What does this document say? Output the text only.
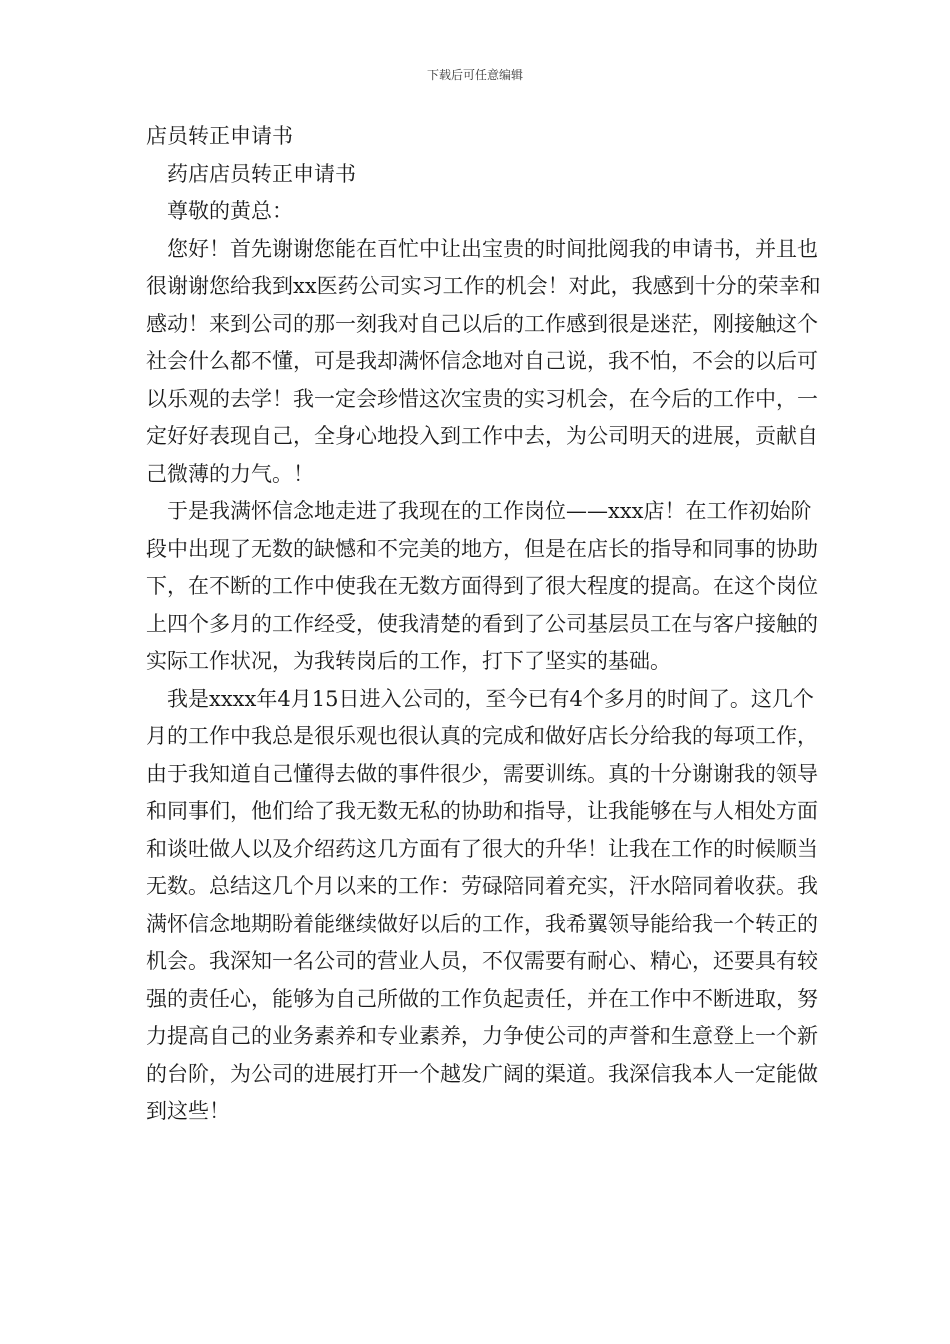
下载后可任意编辑

店员转正申请书

药店店员转正申请书

尊敬的黄总：

您好！首先谢谢您能在百忙中让出宝贵的时间批阅我的申请书，并且也很谢谢您给我到xx医药公司实习工作的机会！对此，我感到十分的荣幸和感动！来到公司的那一刻我对自己以后的工作感到很是迷茫，刚接触这个社会什么都不懂，可是我却满怀信念地对自己说，我不怕，不会的以后可以乐观的去学！我一定会珍惜这次宝贵的实习机会，在今后的工作中，一定好好表现自己，全身心地投入到工作中去，为公司明天的进展，贡献自己微薄的力气。！

于是我满怀信念地走进了我现在的工作岗位——xxx店！在工作初始阶段中出现了无数的缺憾和不完美的地方，但是在店长的指导和同事的协助下，在不断的工作中使我在无数方面得到了很大程度的提高。在这个岗位上四个多月的工作经受，使我清楚的看到了公司基层员工在与客户接触的实际工作状况，为我转岗后的工作，打下了坚实的基础。

我是xxxx年4月15日进入公司的，至今已有4个多月的时间了。这几个月的工作中我总是很乐观也很认真的完成和做好店长分给我的每项工作，由于我知道自己懂得去做的事件很少，需要训练。真的十分谢谢我的领导和同事们，他们给了我无数无私的协助和指导，让我能够在与人相处方面和谈吐做人以及介绍药这几方面有了很大的升华！让我在工作的时候顺当无数。总结这几个月以来的工作：劳碌陪同着充实，汗水陪同着收获。我满怀信念地期盼着能继续做好以后的工作，我希翼领导能给我一个转正的机会。我深知一名公司的营业人员，不仅需要有耐心、精心，还要具有较强的责任心，能够为自己所做的工作负起责任，并在工作中不断进取，努力提高自己的业务素养和专业素养，力争使公司的声誉和生意登上一个新的台阶，为公司的进展打开一个越发广阔的渠道。我深信我本人一定能做到这些！
